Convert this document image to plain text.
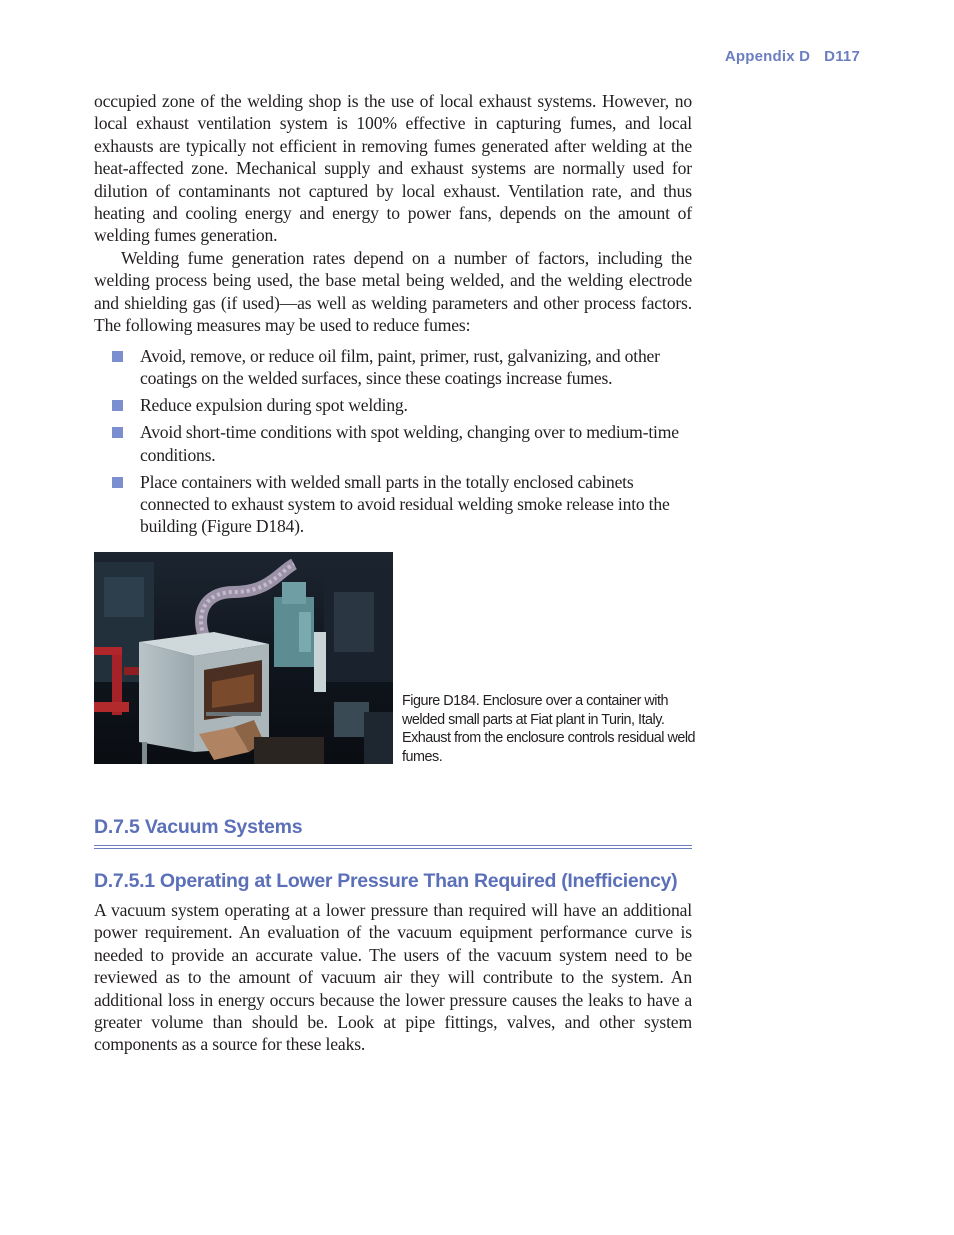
Appendix D D117

occupied zone of the welding shop is the use of local exhaust systems. However, no local exhaust ventilation system is 100% effective in capturing fumes, and local exhausts are typically not efficient in removing fumes generated after welding at the heat-affected zone. Mechanical supply and exhaust systems are normally used for dilution of contaminants not captured by local exhaust. Ventilation rate, and thus heating and cooling energy and energy to power fans, depends on the amount of welding fumes generation.

Welding fume generation rates depend on a number of factors, including the welding process being used, the base metal being welded, and the welding electrode and shielding gas (if used)—as well as welding parameters and other process factors. The following measures may be used to reduce fumes:

Avoid, remove, or reduce oil film, paint, primer, rust, galvanizing, and other coatings on the welded surfaces, since these coatings increase fumes.
Reduce expulsion during spot welding.
Avoid short-time conditions with spot welding, changing over to medium-time conditions.
Place containers with welded small parts in the totally enclosed cabinets connected to exhaust system to avoid residual welding smoke release into the building (Figure D184).
Figure D184. Enclosure over a container with welded small parts at Fiat plant in Turin, Italy. Exhaust from the enclosure controls residual weld fumes.
D.7.5 Vacuum Systems
D.7.5.1 Operating at Lower Pressure Than Required (Inefficiency)

A vacuum system operating at a lower pressure than required will have an additional power requirement. An evaluation of the vacuum equipment performance curve is needed to provide an accurate value. The users of the vacuum system need to be reviewed as to the amount of vacuum air they will contribute to the system. An additional loss in energy occurs because the lower pressure causes the leaks to have a greater volume than should be. Look at pipe fittings, valves, and other system components as a source for these leaks.
